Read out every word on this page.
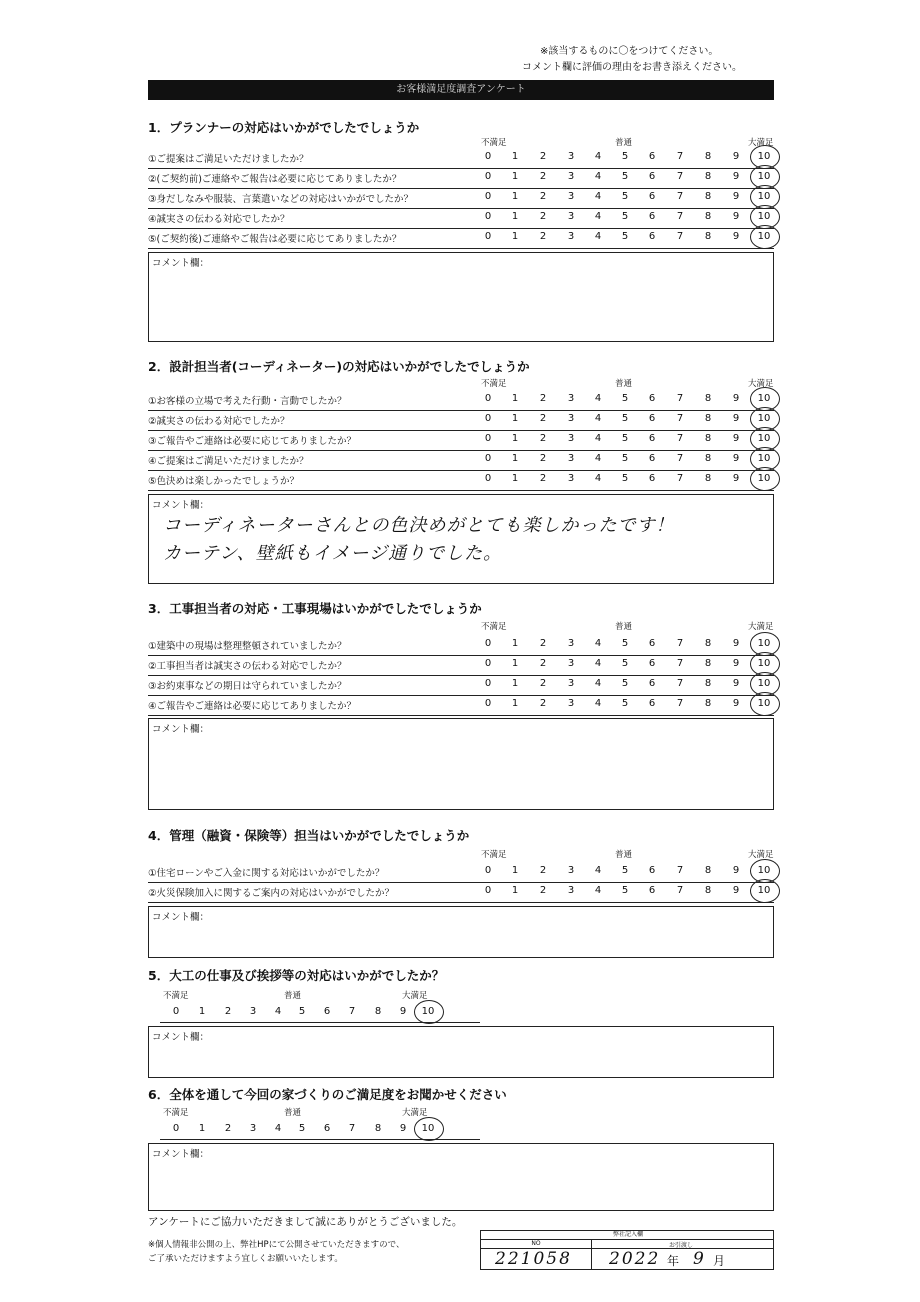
※該当するものに〇をつけてください。
コメント欄に評価の理由をお書き添えください。
お客様満足度調査アンケート
1．プランナーの対応はいかがでしたでしょうか
不満足	普通	大満足
①ご提案はご満足いただけましたか？	0	1	2	3	4	5	6	7	8	9	10
②(ご契約前)ご連絡やご報告は必要に応じてありましたか？	0	1	2	3	4	5	6	7	8	9	10
③身だしなみや服装、言葉遣いなどの対応はいかがでしたか？	0	1	2	3	4	5	6	7	8	9	10
④誠実さの伝わる対応でしたか？	0	1	2	3	4	5	6	7	8	9	10
⑤(ご契約後)ご連絡やご報告は必要に応じてありましたか？	0	1	2	3	4	5	6	7	8	9	10
コメント欄：
2．設計担当者(コーディネーター)の対応はいかがでしたでしょうか
不満足	普通	大満足
①お客様の立場で考えた行動・言動でしたか？	0	1	2	3	4	5	6	7	8	9	10
②誠実さの伝わる対応でしたか？	0	1	2	3	4	5	6	7	8	9	10
③ご報告やご連絡は必要に応じてありましたか？	0	1	2	3	4	5	6	7	8	9	10
④ご提案はご満足いただけましたか？	0	1	2	3	4	5	6	7	8	9	10
⑤色決めは楽しかったでしょうか？	0	1	2	3	4	5	6	7	8	9	10
コメント欄：
コーディネーターさんとの色決めがとても楽しかったです！
カーテン、壁紙もイメージ通りでした。
3．工事担当者の対応・工事現場はいかがでしたでしょうか
不満足	普通	大満足
①建築中の現場は整理整頓されていましたか？	0	1	2	3	4	5	6	7	8	9	10
②工事担当者は誠実さの伝わる対応でしたか？	0	1	2	3	4	5	6	7	8	9	10
③お約束事などの期日は守られていましたか？	0	1	2	3	4	5	6	7	8	9	10
④ご報告やご連絡は必要に応じてありましたか？	0	1	2	3	4	5	6	7	8	9	10
コメント欄：
4．管理（融資・保険等）担当はいかがでしたでしょうか
不満足	普通	大満足
①住宅ローンやご入金に関する対応はいかがでしたか？	0	1	2	3	4	5	6	7	8	9	10
②火災保険加入に関するご案内の対応はいかがでしたか？	0	1	2	3	4	5	6	7	8	9	10
コメント欄：
5．大工の仕事及び挨拶等の対応はいかがでしたか？
不満足	普通	大満足
0	1	2	3	4	5	6	7	8	9	10
コメント欄：
6．全体を通して今回の家づくりのご満足度をお聞かせください
不満足	普通	大満足
0	1	2	3	4	5	6	7	8	9	10
コメント欄：
アンケートにご協力いただきまして誠にありがとうございました。
※個人情報非公開の上、弊社HPにて公開させていただきますので、
ご了承いただけますよう宜しくお願いいたします。
弊社記入欄
NO	お引渡し
221058 2022 年 9 月
